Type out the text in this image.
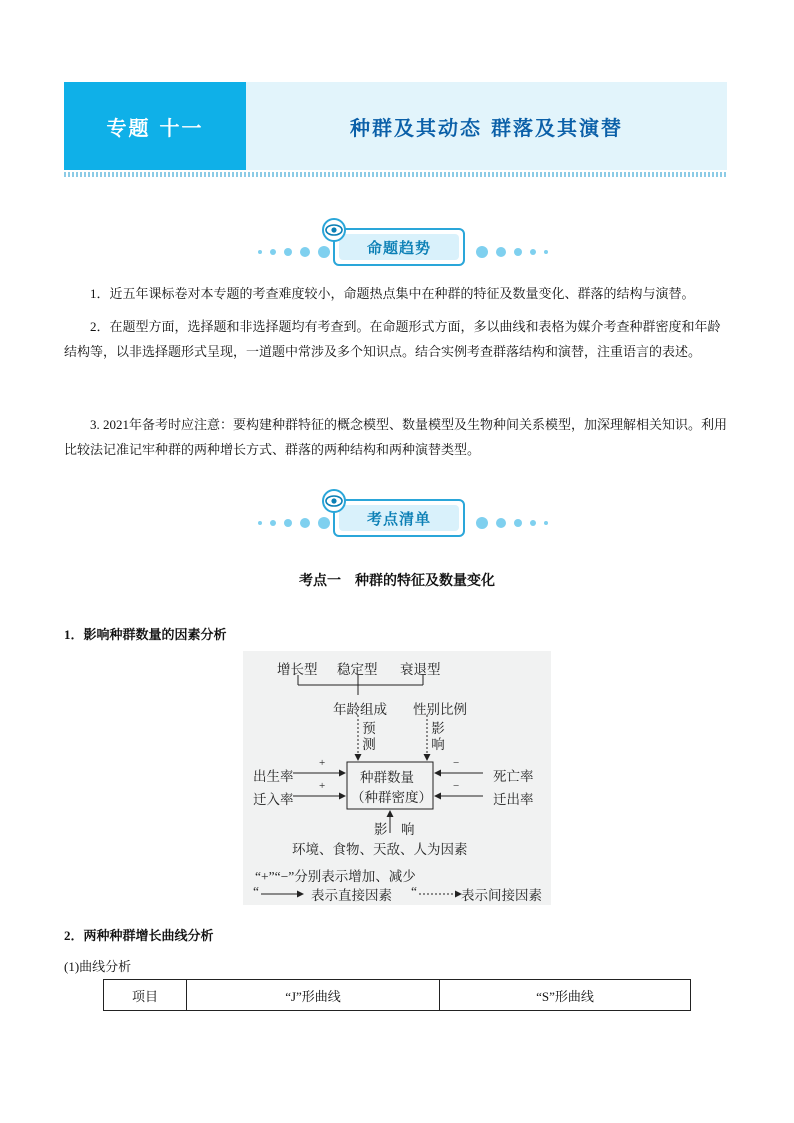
专题 十一	种群及其动态 群落及其演替
命题趋势
1．近五年课标卷对本专题的考查难度较小，命题热点集中在种群的特征及数量变化、群落的结构与演替。
2．在题型方面，选择题和非选择题均有考查到。在命题形式方面，多以曲线和表格为媒介考查种群密度和年龄结构等，以非选择题形式呈现，一道题中常涉及多个知识点。结合实例考查群落结构和演替，注重语言的表述。
3. 2021年备考时应注意：要构建种群特征的概念模型、数量模型及生物种间关系模型，加深理解相关知识。利用比较法记准记牢种群的两种增长方式、群落的两种结构和两种演替类型。
考点清单
考点一　种群的特征及数量变化
1．影响种群数量的因素分析
增长型 稳定型 衰退型
年龄组成 性别比例
预测
影响
出生率
迁入率
+
+
种群数量
（种群密度）
−
−
死亡率
迁出率
影　响
环境、食物、天敌、人为因素
“+”“−”分别表示增加、减少
“	表示直接因素 “	表示间接因素
2．两种种群增长曲线分析
(1)曲线分析
项目	“J”形曲线	“S”形曲线
